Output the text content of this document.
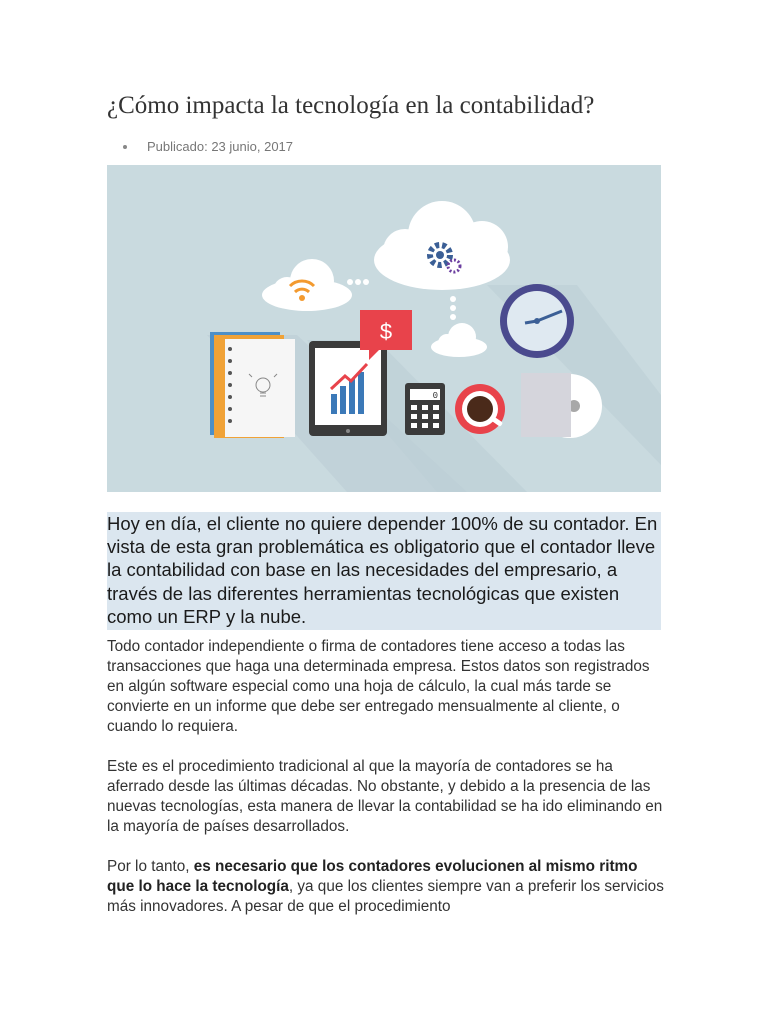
¿Cómo impacta la tecnología en la contabilidad?
Publicado: 23 junio, 2017
$
0

Hoy en día, el cliente no quiere depender 100% de su contador. En vista de esta gran problemática es obligatorio que el contador lleve la contabilidad con base en las necesidades del empresario, a través de las diferentes herramientas tecnológicas que existen como un ERP y la nube.

Todo contador independiente o firma de contadores tiene acceso a todas las transacciones que haga una determinada empresa. Estos datos son registrados en algún software especial como una hoja de cálculo, la cual más tarde se convierte en un informe que debe ser entregado mensualmente al cliente, o cuando lo requiera.

Este es el procedimiento tradicional al que la mayoría de contadores se ha aferrado desde las últimas décadas. No obstante, y debido a la presencia de las nuevas tecnologías, esta manera de llevar la contabilidad se ha ido eliminando en la mayoría de países desarrollados.

Por lo tanto, es necesario que los contadores evolucionen al mismo ritmo que lo hace la tecnología, ya que los clientes siempre van a preferir los servicios más innovadores. A pesar de que el procedimiento
